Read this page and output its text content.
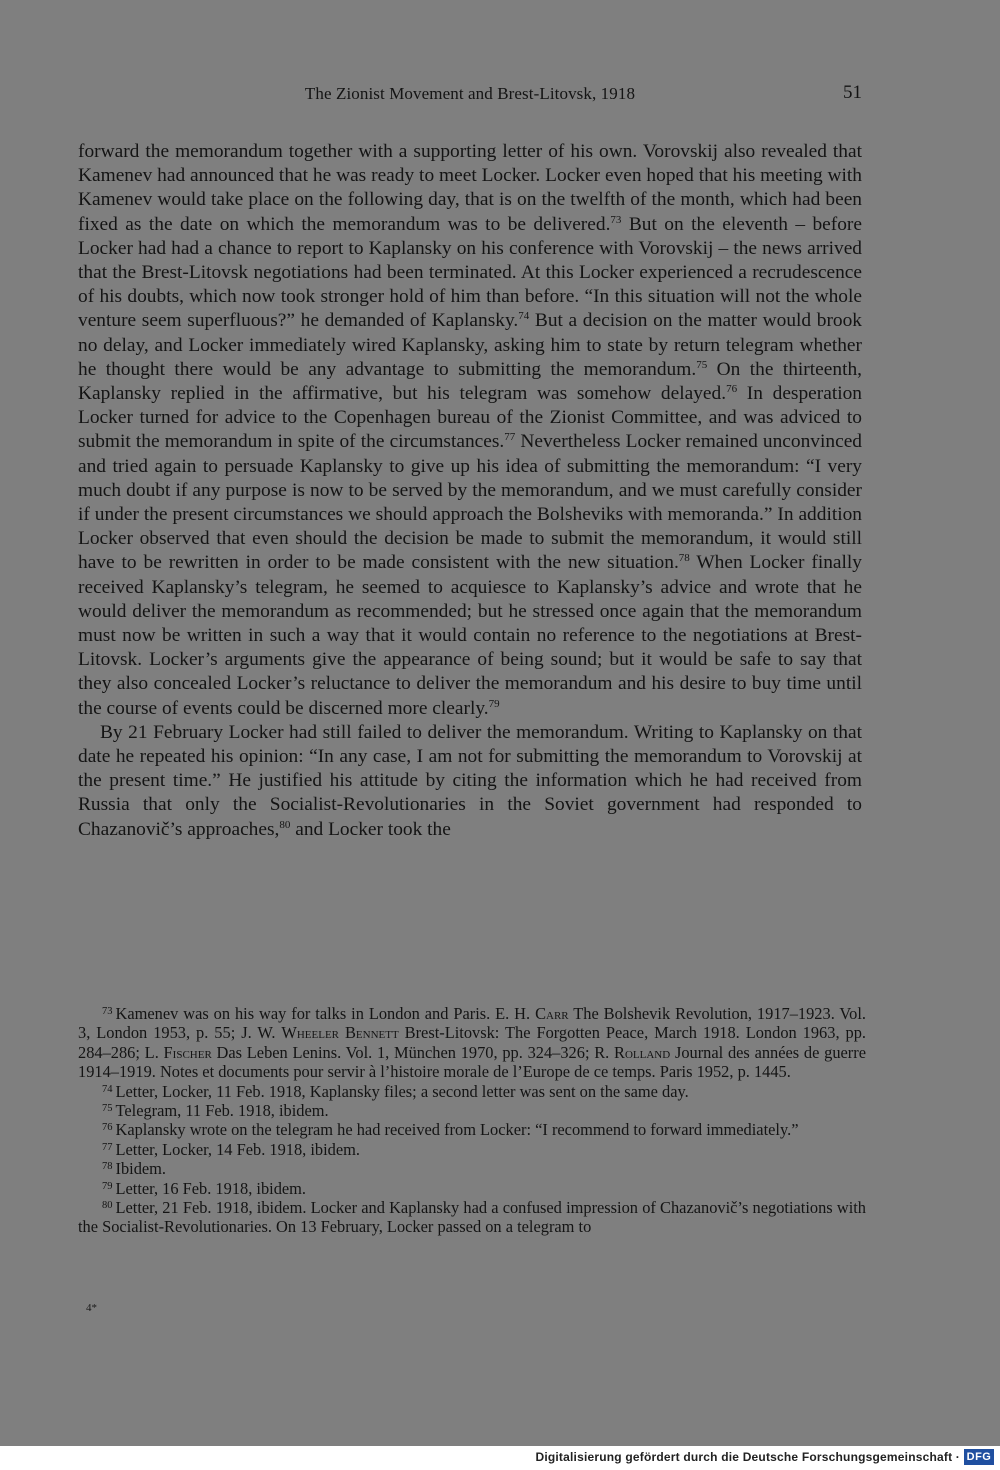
The Zionist Movement and Brest-Litovsk, 1918	51

forward the memorandum together with a supporting letter of his own. Vorovskij also revealed that Kamenev had announced that he was ready to meet Locker. Locker even hoped that his meeting with Kamenev would take place on the following day, that is on the twelfth of the month, which had been fixed as the date on which the memorandum was to be delivered.$^{73}$ But on the eleventh – before Locker had had a chance to report to Kaplansky on his conference with Vorovskij – the news arrived that the Brest-Litovsk negotiations had been terminated. At this Locker experienced a recrudescence of his doubts, which now took stronger hold of him than before. “In this situation will not the whole venture seem superfluous?” he demanded of Kaplansky.$^{74}$ But a decision on the matter would brook no delay, and Locker immediately wired Kaplansky, asking him to state by return telegram whether he thought there would be any advantage to submitting the memorandum.$^{75}$ On the thirteenth, Kaplansky replied in the affirmative, but his telegram was somehow delayed.$^{76}$ In desperation Locker turned for advice to the Copenhagen bureau of the Zionist Committee, and was adviced to submit the memorandum in spite of the circumstances.$^{77}$ Nevertheless Locker remained unconvinced and tried again to persuade Kaplansky to give up his idea of submitting the memorandum: “I very much doubt if any purpose is now to be served by the memorandum, and we must carefully consider if under the present circumstances we should approach the Bolsheviks with memoranda.” In addition Locker observed that even should the decision be made to submit the memorandum, it would still have to be rewritten in order to be made consistent with the new situation.$^{78}$ When Locker finally received Kaplansky’s telegram, he seemed to acquiesce to Kaplansky’s advice and wrote that he would deliver the memorandum as recommended; but he stressed once again that the memorandum must now be written in such a way that it would contain no reference to the negotiations at Brest-Litovsk. Locker’s arguments give the appearance of being sound; but it would be safe to say that they also concealed Locker’s reluctance to deliver the memorandum and his desire to buy time until the course of events could be discerned more clearly.$^{79}$

By 21 February Locker had still failed to deliver the memorandum. Writing to Kaplansky on that date he repeated his opinion: “In any case, I am not for submitting the memorandum to Vorovskij at the present time.” He justified his attitude by citing the information which he had received from Russia that only the Socialist-Revolutionaries in the Soviet government had responded to Chazanovič’s approaches,$^{80}$ and Locker took the

$^{73}$ Kamenev was on his way for talks in London and Paris. E. H. Carr The Bolshevik Revolution, 1917–1923. Vol. 3, London 1953, p. 55; J. W. Wheeler Bennett Brest-Litovsk: The Forgotten Peace, March 1918. London 1963, pp. 284–286; L. Fischer Das Leben Lenins. Vol. 1, München 1970, pp. 324–326; R. Rolland Journal des années de guerre 1914–1919. Notes et documents pour servir à l’histoire morale de l’Europe de ce temps. Paris 1952, p. 1445.

$^{74}$ Letter, Locker, 11 Feb. 1918, Kaplansky files; a second letter was sent on the same day.

$^{75}$ Telegram, 11 Feb. 1918, ibidem.

$^{76}$ Kaplansky wrote on the telegram he had received from Locker: “I recommend to forward immediately.”

$^{77}$ Letter, Locker, 14 Feb. 1918, ibidem.

$^{78}$ Ibidem.

$^{79}$ Letter, 16 Feb. 1918, ibidem.

$^{80}$ Letter, 21 Feb. 1918, ibidem. Locker and Kaplansky had a confused impression of Chazanovič’s negotiations with the Socialist-Revolutionaries. On 13 February, Locker passed on a telegram to

4*
Digitalisierung gefördert durch die Deutsche Forschungsgemeinschaft · DFG
